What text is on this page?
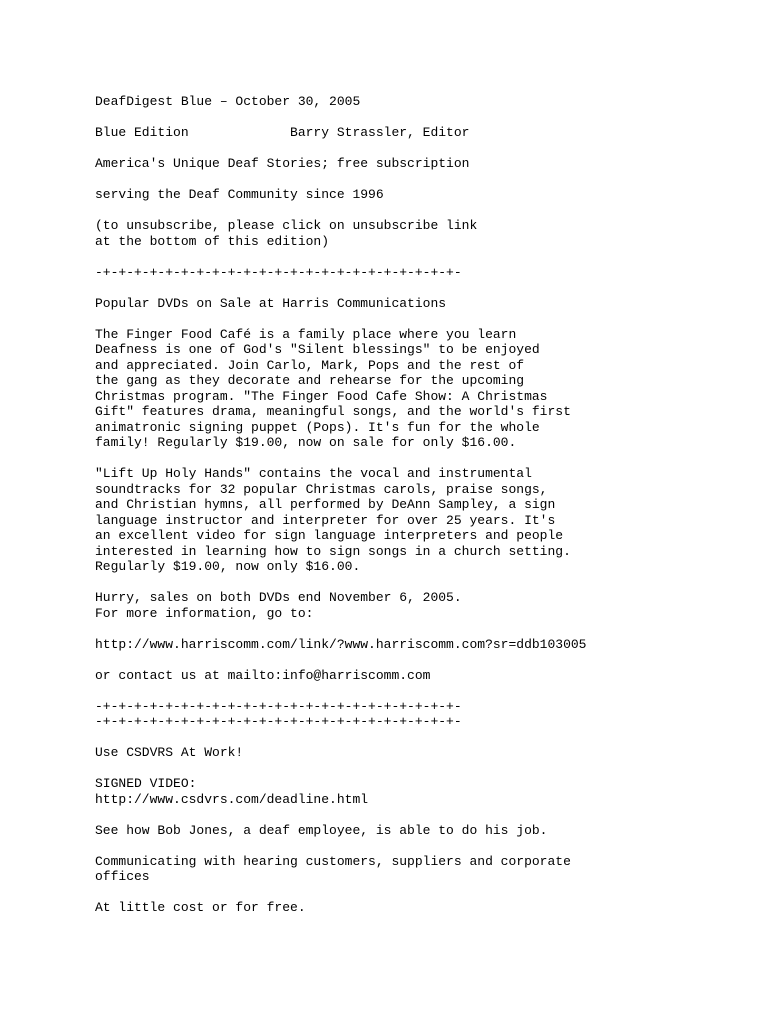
DeafDigest Blue – October 30, 2005
Blue Edition             Barry Strassler, Editor
America's Unique Deaf Stories; free subscription
serving the Deaf Community since 1996
(to unsubscribe, please click on unsubscribe link
at the bottom of this edition)
-+-+-+-+-+-+-+-+-+-+-+-+-+-+-+-+-+-+-+-+-+-+-+-
Popular DVDs on Sale at Harris Communications
The Finger Food Café is a family place where you learn
Deafness is one of God's "Silent blessings" to be enjoyed
and appreciated. Join Carlo, Mark, Pops and the rest of
the gang as they decorate and rehearse for the upcoming
Christmas program. "The Finger Food Cafe Show: A Christmas
Gift" features drama, meaningful songs, and the world's first
animatronic signing puppet (Pops). It's fun for the whole
family! Regularly $19.00, now on sale for only $16.00.
"Lift Up Holy Hands" contains the vocal and instrumental
soundtracks for 32 popular Christmas carols, praise songs,
and Christian hymns, all performed by DeAnn Sampley, a sign
language instructor and interpreter for over 25 years. It's
an excellent video for sign language interpreters and people
interested in learning how to sign songs in a church setting.
Regularly $19.00, now only $16.00.
Hurry, sales on both DVDs end November 6, 2005.
For more information, go to:
http://www.harriscomm.com/link/?www.harriscomm.com?sr=ddb103005
or contact us at mailto:info@harriscomm.com
-+-+-+-+-+-+-+-+-+-+-+-+-+-+-+-+-+-+-+-+-+-+-+-
-+-+-+-+-+-+-+-+-+-+-+-+-+-+-+-+-+-+-+-+-+-+-+-
Use CSDVRS At Work!
SIGNED VIDEO:
http://www.csdvrs.com/deadline.html
See how Bob Jones, a deaf employee, is able to do his job.
Communicating with hearing customers, suppliers and corporate
offices
At little cost or for free.
